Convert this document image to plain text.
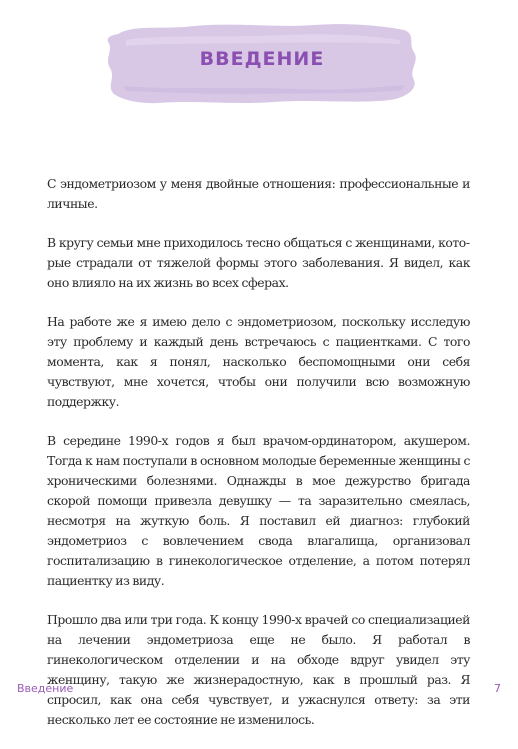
ВВЕДЕНИЕ

С эндометриозом у меня двойные отношения: профессиональные и личные.

В кругу семьи мне приходилось тесно общаться с женщинами, которые страдали от тяжелой формы этого заболевания. Я видел, как оно влияло на их жизнь во всех сферах.

На работе же я имею дело с эндометриозом, поскольку исследую эту проблему и каждый день встречаюсь с пациентками. С того момента, как я понял, насколько беспомощными они себя чувствуют, мне хочется, чтобы они получили всю возможную поддержку.

В середине 1990-х годов я был врачом-ординатором, акушером. Тогда к нам поступали в основном молодые беременные женщины с хроническими болезнями. Однажды в мое дежурство бригада скорой помощи привезла девушку — та заразительно смеялась, несмотря на жуткую боль. Я поставил ей диагноз: глубокий эндометриоз с вовлечением свода влагалища, организовал госпитализацию в гинекологическое отделение, а потом потерял пациентку из виду.

Прошло два или три года. К концу 1990-х врачей со специализацией на лечении эндометриоза еще не было. Я работал в гинекологическом отделении и на обходе вдруг увидел эту женщину, такую же жизнерадостную, как в прошлый раз. Я спросил, как она себя чувствует, и ужаснулся ответу: за эти несколько лет ее состояние не изменилось.

Введение	7
